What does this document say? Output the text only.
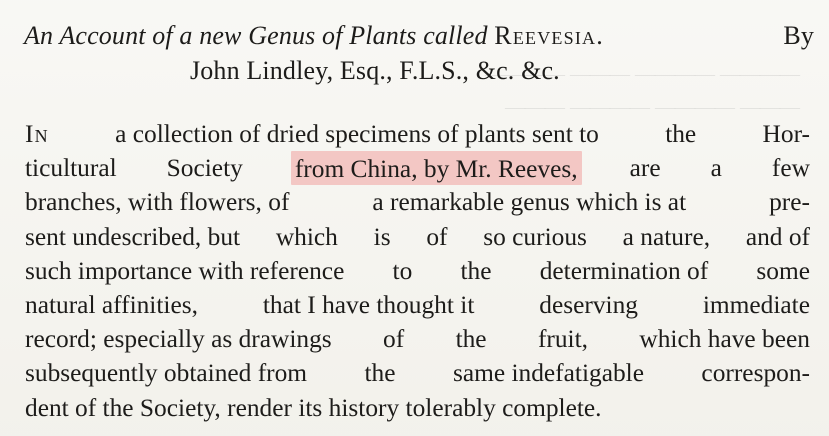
———— ———— ——— ————
——— ———— ———— ———
An Account of a new Genus of Plants called Reevesia.	By
John Lindley, Esq., F.L.S., &c. &c.
In	a collection of dried specimens of plants sent to	the	Hor-
ticultural Society from China, by Mr. Reeves, are a few
branches, with flowers, of	a remarkable genus which is at	pre-
sent undescribed, but which is of so curious a nature, and of
such importance with reference to the determination of some
natural affinities,	that I have thought it	deserving	immediate
record; especially as drawings of the fruit, which have been
subsequently obtained from the same indefatigable correspon-
dent of the Society, render its history tolerably complete.
